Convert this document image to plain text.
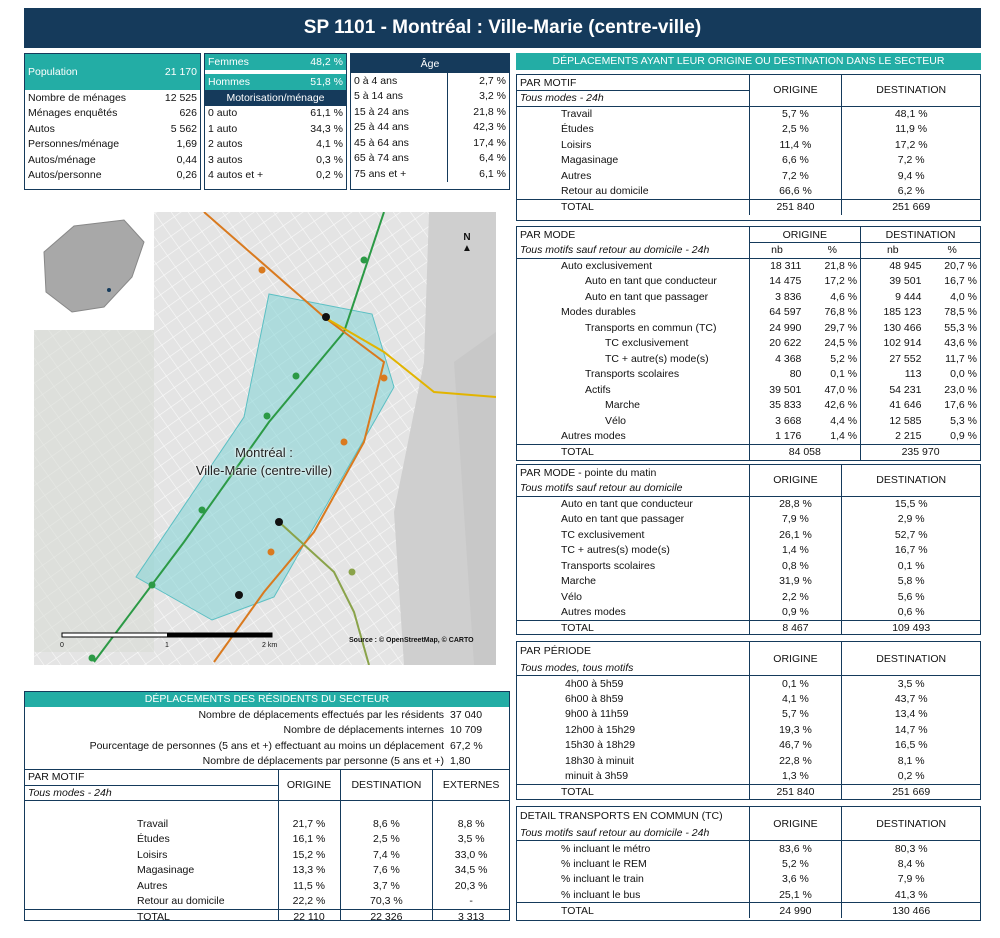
SP 1101 - Montréal : Ville-Marie (centre-ville)
Population	21 170
Nombre de ménages	12 525
Ménages enquêtés	626
Autos	5 562
Personnes/ménage	1,69
Autos/ménage	0,44
Autos/personne	0,26
Femmes	48,2 %
Hommes	51,8 %
Motorisation/ménage	
0 auto	61,1 %
1 auto	34,3 %
2 autos	4,1 %
3 autos	0,3 %
4 autos et +	0,2 %
Âge	
0 à 4 ans	2,7 %
5 à 14 ans	3,2 %
15 à 24 ans	21,8 %
25 à 44 ans	42,3 %
45 à 64 ans	17,4 %
65 à 74 ans	6,4 %
75 ans et +	6,1 %
N
▲
Montréal :
Ville-Marie (centre-ville)
Source : © OpenStreetMap, © CARTO
0	1	2 km
DÉPLACEMENTS DES RÉSIDENTS DU SECTEUR
Nombre de déplacements effectués par les résidents	37 040
Nombre de déplacements internes	10 709
Pourcentage de personnes (5 ans et +) effectuant au moins un déplacement	67,2 %
Nombre de déplacements par personne (5 ans et +)	1,80
PAR MOTIF	ORIGINE	DESTINATION	EXTERNES
Tous modes - 24h			

Travail	21,7 %	8,6 %	8,8 %
Études	16,1 %	2,5 %	3,5 %
Loisirs	15,2 %	7,4 %	33,0 %
Magasinage	13,3 %	7,6 %	34,5 %
Autres	11,5 %	3,7 %	20,3 %
Retour au domicile	22,2 %	70,3 %	-
TOTAL	22 110	22 326	3 313
DÉPLACEMENTS AYANT LEUR ORIGINE OU DESTINATION DANS LE SECTEUR
PAR MOTIF	ORIGINE	DESTINATION
Tous modes - 24h		
Travail	5,7 %	48,1 %
Études	2,5 %	11,9 %
Loisirs	11,4 %	17,2 %
Magasinage	6,6 %	7,2 %
Autres	7,2 %	9,4 %
Retour au domicile	66,6 %	6,2 %
TOTAL	251 840	251 669
PAR MODE	ORIGINE		DESTINATION	
Tous motifs sauf retour au domicile - 24h	nb	%	nb	%
Auto exclusivement	18 311	21,8 %	48 945	20,7 %
Auto en tant que conducteur	14 475	17,2 %	39 501	16,7 %
Auto en tant que passager	3 836	4,6 %	9 444	4,0 %
Modes durables	64 597	76,8 %	185 123	78,5 %
Transports en commun (TC)	24 990	29,7 %	130 466	55,3 %
TC exclusivement	20 622	24,5 %	102 914	43,6 %
TC + autre(s) mode(s)	4 368	5,2 %	27 552	11,7 %
Transports scolaires	80	0,1 %	113	0,0 %
Actifs	39 501	47,0 %	54 231	23,0 %
Marche	35 833	42,6 %	41 646	17,6 %
Vélo	3 668	4,4 %	12 585	5,3 %
Autres modes	1 176	1,4 %	2 215	0,9 %
TOTAL	84 058		235 970	
PAR MODE - pointe du matin	ORIGINE	DESTINATION
Tous motifs sauf retour au domicile		
Auto en tant que conducteur	28,8 %	15,5 %
Auto en tant que passager	7,9 %	2,9 %
TC exclusivement	26,1 %	52,7 %
TC + autres(s) mode(s)	1,4 %	16,7 %
Transports scolaires	0,8 %	0,1 %
Marche	31,9 %	5,8 %
Vélo	2,2 %	5,6 %
Autres modes	0,9 %	0,6 %
TOTAL	8 467	109 493
PAR PÉRIODE	ORIGINE	DESTINATION
Tous modes, tous motifs		
4h00 à 5h59	0,1 %	3,5 %
6h00 à 8h59	4,1 %	43,7 %
9h00 à 11h59	5,7 %	13,4 %
12h00 à 15h29	19,3 %	14,7 %
15h30 à 18h29	46,7 %	16,5 %
18h30 à minuit	22,8 %	8,1 %
minuit à 3h59	1,3 %	0,2 %
TOTAL	251 840	251 669
DETAIL TRANSPORTS EN COMMUN (TC)	ORIGINE	DESTINATION
Tous motifs sauf retour au domicile - 24h		
% incluant le métro	83,6 %	80,3 %
% incluant le REM	5,2 %	8,4 %
% incluant le train	3,6 %	7,9 %
% incluant le bus	25,1 %	41,3 %
TOTAL	24 990	130 466
